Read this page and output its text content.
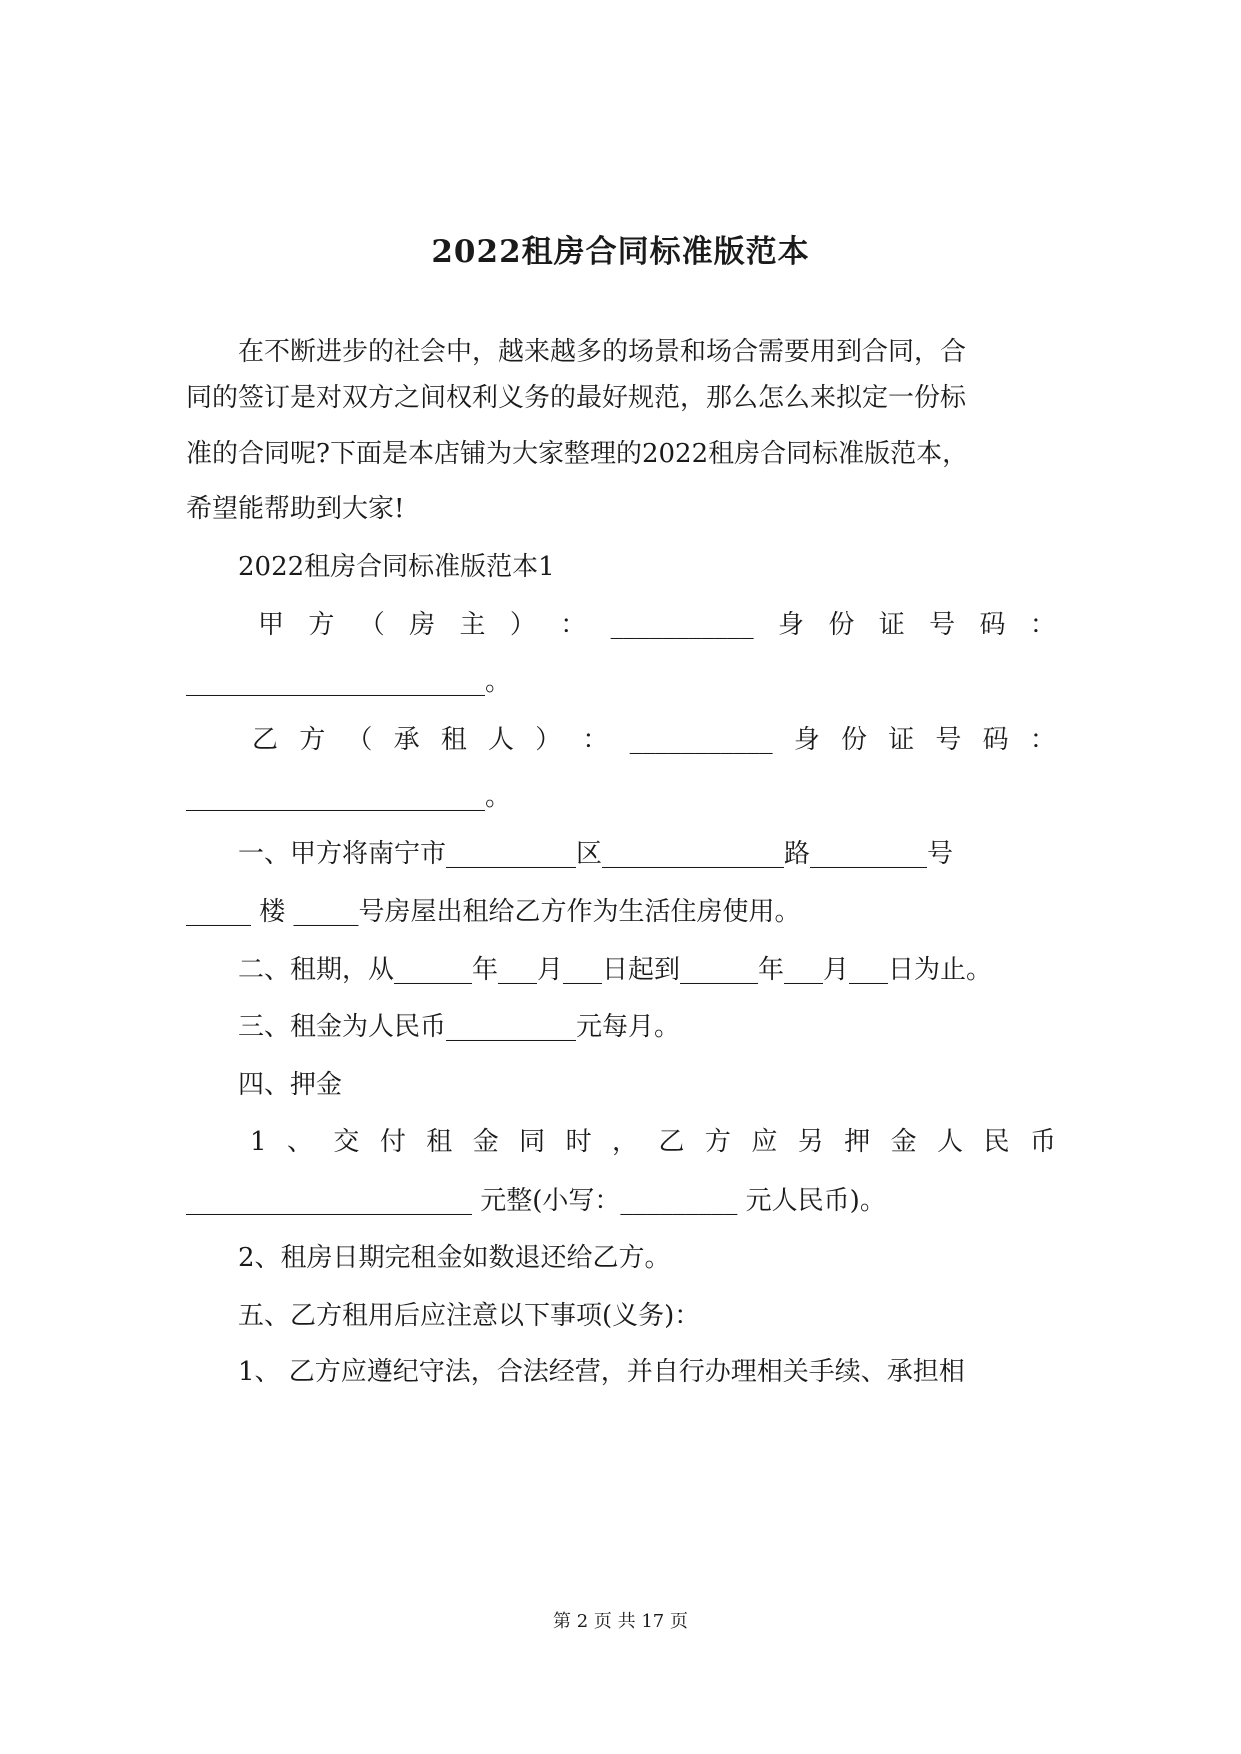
2022租房合同标准版范本
在不断进步的社会中，越来越多的场景和场合需要用到合同，合
同的签订是对双方之间权利义务的最好规范，那么怎么来拟定一份标
准的合同呢?下面是本店铺为大家整理的2022租房合同标准版范本，
希望能帮助到大家!
2022租房合同标准版范本1
甲 方 （ 房 主 ） ： ___________ 身 份 证 号 码 ：
_______________________。
乙 方 （ 承 租 人 ） ： ___________ 身 份 证 号 码 ：
_______________________。
一、甲方将南宁市__________区______________路_________号
_____ 楼 _____号房屋出租给乙方作为生活住房使用。
二、租期，从______年___月___日起到______年___月___日为止。
三、租金为人民币__________元每月。
四、押金
1 、 交 付 租 金 同 时 ， 乙 方 应 另 押 金 人 民 币
______________________ 元整(小写：_________ 元人民币)。
2、租房日期完租金如数退还给乙方。
五、乙方租用后应注意以下事项(义务)：
1、 乙方应遵纪守法，合法经营，并自行办理相关手续、承担相
第 2 页 共 17 页
